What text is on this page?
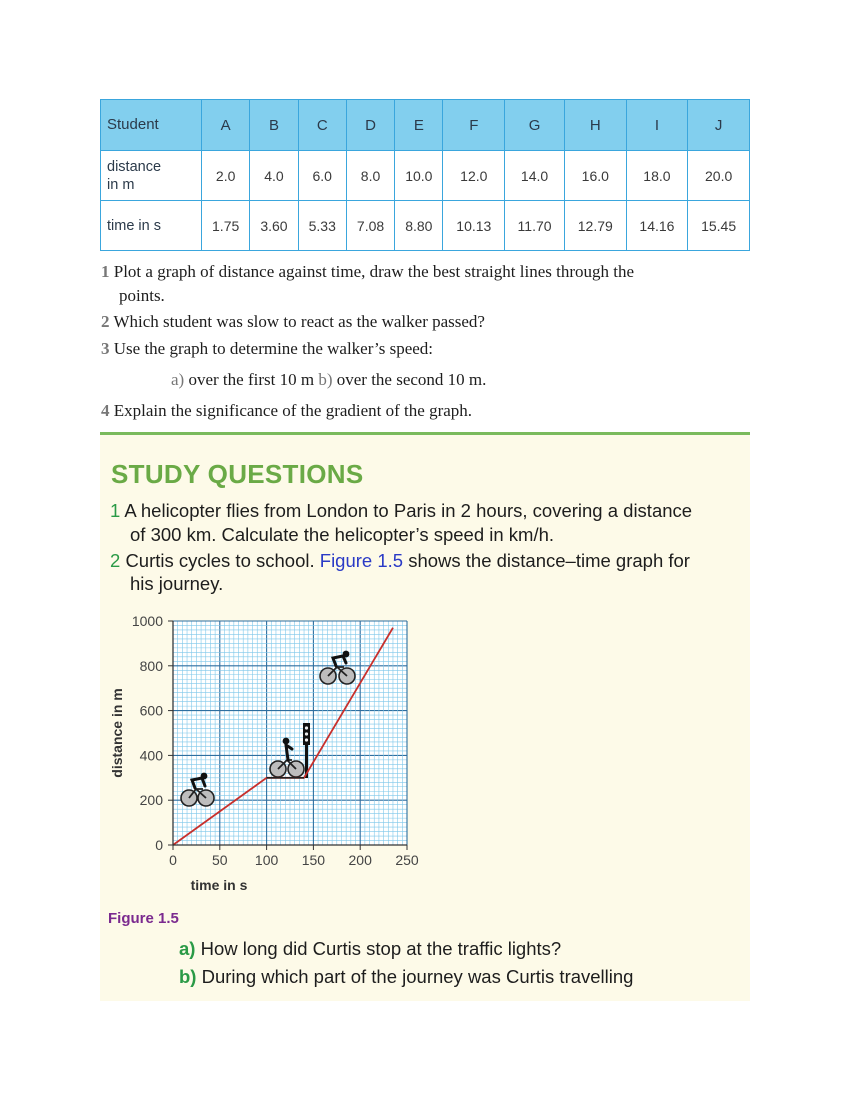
Student	A	B	C	D	E	F	G	H	I	J
distance
in m	2.0	4.0	6.0	8.0	10.0	12.0	14.0	16.0	18.0	20.0
time in s	1.75	3.60	5.33	7.08	8.80	10.13	11.70	12.79	14.16	15.45
1 Plot a graph of distance against time, draw the best straight lines through the
points.
2 Which student was slow to react as the walker passed?
3 Use the graph to determine the walker’s speed:
a) over the first 10 m b) over the second 10 m.
4 Explain the significance of the gradient of the graph.
STUDY QUESTIONS
1 A helicopter flies from London to Paris in 2 hours, covering a distance
of 300 km. Calculate the helicopter’s speed in km/h.
2 Curtis cycles to school. Figure 1.5 shows the distance–time graph for
his journey.
0	50 100 150 200 250
0
200
400
600
800
1000
time in s
distance in m
Figure 1.5
a) How long did Curtis stop at the traffic lights?
b) During which part of the journey was Curtis travelling
